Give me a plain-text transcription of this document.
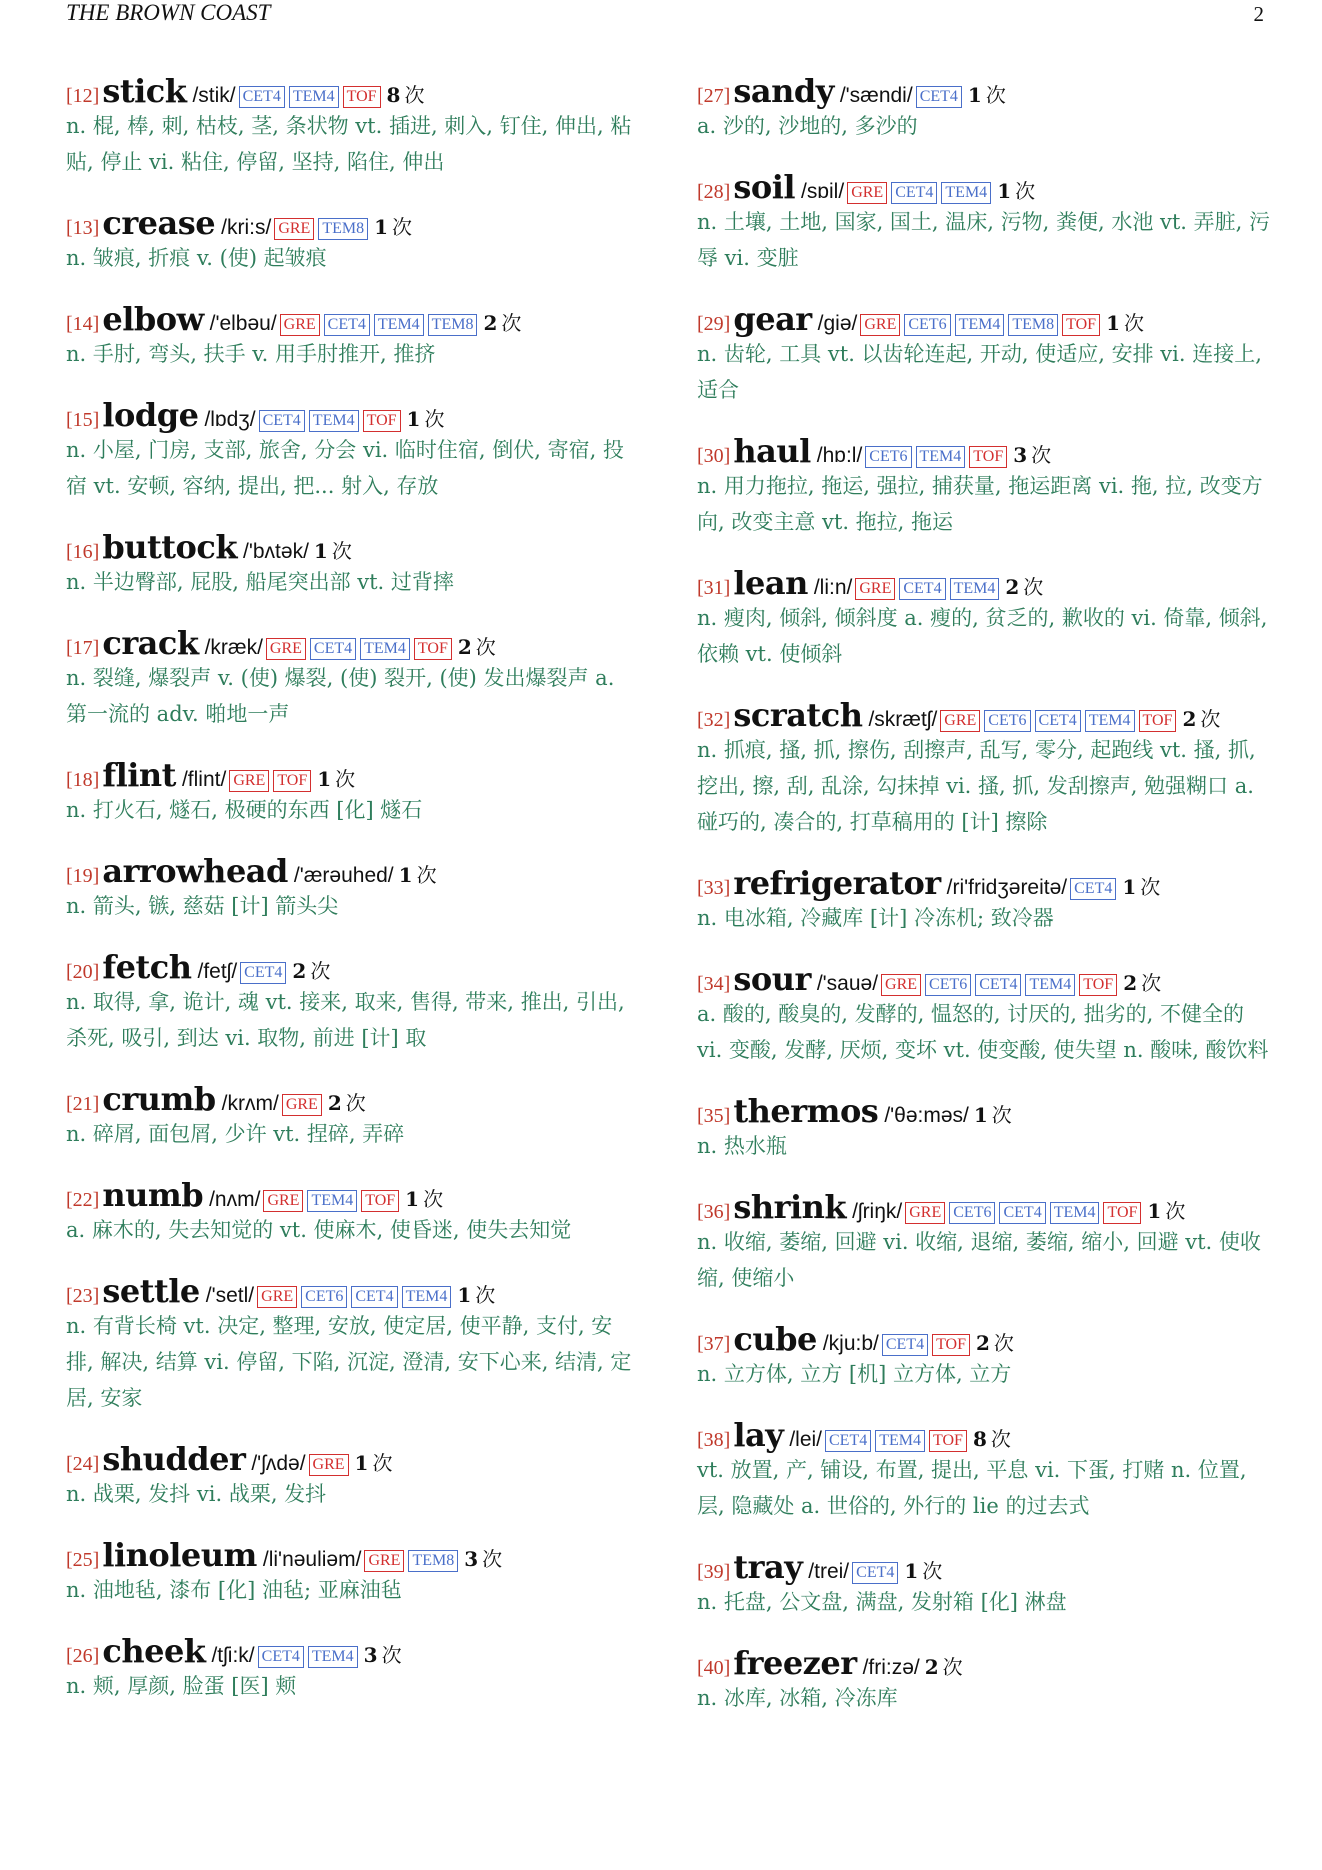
THE BROWN COAST	2
[12] stick /stik/ CET4 TEM4 TOF 8 次
n. 棍, 棒, 刺, 枯枝, 茎, 条状物 vt. 插进, 刺入, 钉住, 伸出, 粘贴, 停止 vi. 粘住, 停留, 坚持, 陷住, 伸出
[13] crease /kri:s/ GRE TEM8 1 次
n. 皱痕, 折痕 v. (使) 起皱痕
[14] elbow /'elbəu/ GRE CET4 TEM4 TEM8 2 次
n. 手肘, 弯头, 扶手 v. 用手肘推开, 推挤
[15] lodge /lɒdʒ/ CET4 TEM4 TOF 1 次
n. 小屋, 门房, 支部, 旅舍, 分会 vi. 临时住宿, 倒伏, 寄宿, 投宿 vt. 安顿, 容纳, 提出, 把... 射入, 存放
[16] buttock /'bʌtək/ 1 次
n. 半边臀部, 屁股, 船尾突出部 vt. 过背摔
[17] crack /kræk/ GRE CET4 TEM4 TOF 2 次
n. 裂缝, 爆裂声 v. (使) 爆裂, (使) 裂开, (使) 发出爆裂声 a. 第一流的 adv. 啪地一声
[18] flint /flint/ GRE TOF 1 次
n. 打火石, 燧石, 极硬的东西 [化] 燧石
[19] arrowhead /'ærəuhed/ 1 次
n. 箭头, 镞, 慈菇 [计] 箭头尖
[20] fetch /fetʃ/ CET4 2 次
n. 取得, 拿, 诡计, 魂 vt. 接来, 取来, 售得, 带来, 推出, 引出, 杀死, 吸引, 到达 vi. 取物, 前进 [计] 取
[21] crumb /krʌm/ GRE 2 次
n. 碎屑, 面包屑, 少许 vt. 捏碎, 弄碎
[22] numb /nʌm/ GRE TEM4 TOF 1 次
a. 麻木的, 失去知觉的 vt. 使麻木, 使昏迷, 使失去知觉
[23] settle /'setl/ GRE CET6 CET4 TEM4 1 次
n. 有背长椅 vt. 决定, 整理, 安放, 使定居, 使平静, 支付, 安排, 解决, 结算 vi. 停留, 下陷, 沉淀, 澄清, 安下心来, 结清, 定居, 安家
[24] shudder /'ʃʌdə/ GRE 1 次
n. 战栗, 发抖 vi. 战栗, 发抖
[25] linoleum /li'nəuliəm/ GRE TEM8 3 次
n. 油地毡, 漆布 [化] 油毡; 亚麻油毡
[26] cheek /tʃi:k/ CET4 TEM4 3 次
n. 颊, 厚颜, 脸蛋 [医] 颊
[27] sandy /'sændi/ CET4 1 次
a. 沙的, 沙地的, 多沙的
[28] soil /sɒil/ GRE CET4 TEM4 1 次
n. 土壤, 土地, 国家, 国土, 温床, 污物, 粪便, 水池 vt. 弄脏, 污辱 vi. 变脏
[29] gear /giə/ GRE CET6 TEM4 TEM8 TOF 1 次
n. 齿轮, 工具 vt. 以齿轮连起, 开动, 使适应, 安排 vi. 连接上, 适合
[30] haul /hɒ:l/ CET6 TEM4 TOF 3 次
n. 用力拖拉, 拖运, 强拉, 捕获量, 拖运距离 vi. 拖, 拉, 改变方向, 改变主意 vt. 拖拉, 拖运
[31] lean /li:n/ GRE CET4 TEM4 2 次
n. 瘦肉, 倾斜, 倾斜度 a. 瘦的, 贫乏的, 歉收的 vi. 倚靠, 倾斜, 依赖 vt. 使倾斜
[32] scratch /skrætʃ/ GRE CET6 CET4 TEM4 TOF 2 次
n. 抓痕, 搔, 抓, 擦伤, 刮擦声, 乱写, 零分, 起跑线 vt. 搔, 抓, 挖出, 擦, 刮, 乱涂, 勾抹掉 vi. 搔, 抓, 发刮擦声, 勉强糊口 a. 碰巧的, 凑合的, 打草稿用的 [计] 擦除
[33] refrigerator /ri'fridʒəreitə/ CET4 1 次
n. 电冰箱, 冷藏库 [计] 冷冻机; 致冷器
[34] sour /'sauə/ GRE CET6 CET4 TEM4 TOF 2 次
a. 酸的, 酸臭的, 发酵的, 愠怒的, 讨厌的, 拙劣的, 不健全的 vi. 变酸, 发酵, 厌烦, 变坏 vt. 使变酸, 使失望 n. 酸味, 酸饮料
[35] thermos /'θə:məs/ 1 次
n. 热水瓶
[36] shrink /ʃriŋk/ GRE CET6 CET4 TEM4 TOF 1 次
n. 收缩, 萎缩, 回避 vi. 收缩, 退缩, 萎缩, 缩小, 回避 vt. 使收缩, 使缩小
[37] cube /kju:b/ CET4 TOF 2 次
n. 立方体, 立方 [机] 立方体, 立方
[38] lay /lei/ CET4 TEM4 TOF 8 次
vt. 放置, 产, 铺设, 布置, 提出, 平息 vi. 下蛋, 打赌 n. 位置, 层, 隐藏处 a. 世俗的, 外行的 lie 的过去式
[39] tray /trei/ CET4 1 次
n. 托盘, 公文盘, 满盘, 发射箱 [化] 淋盘
[40] freezer /fri:zə/ 2 次
n. 冰库, 冰箱, 冷冻库
